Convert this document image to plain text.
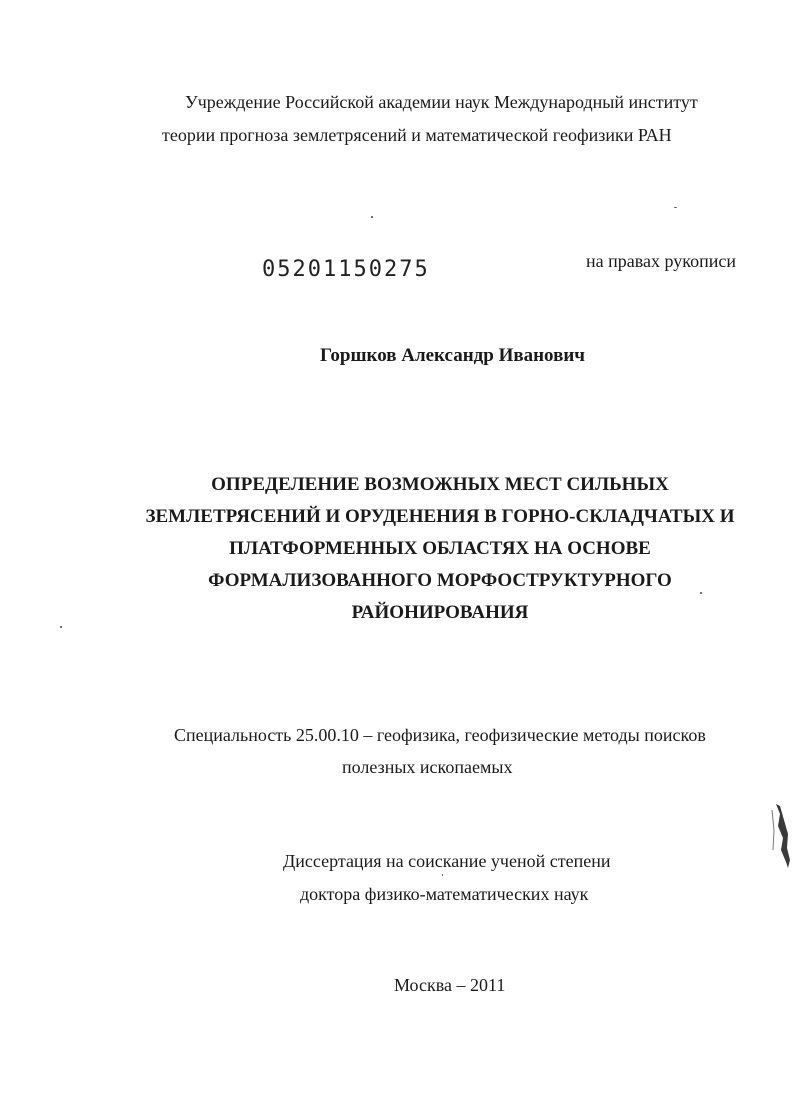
Учреждение Российской академии наук Международный институт
теории прогноза землетрясений и математической геофизики РАН
05201150275	на правах рукописи
Горшков Александр Иванович
ОПРЕДЕЛЕНИЕ ВОЗМОЖНЫХ МЕСТ СИЛЬНЫХ
ЗЕМЛЕТРЯСЕНИЙ И ОРУДЕНЕНИЯ В ГОРНО-СКЛАДЧАТЫХ И
ПЛАТФОРМЕННЫХ ОБЛАСТЯХ НА ОСНОВЕ
ФОРМАЛИЗОВАННОГО МОРФОСТРУКТУРНОГО
РАЙОНИРОВАНИЯ
Специальность 25.00.10 – геофизика, геофизические методы поисков
полезных ископаемых
Диссертация на соискание ученой степени
доктора физико-математических наук
Москва – 2011
